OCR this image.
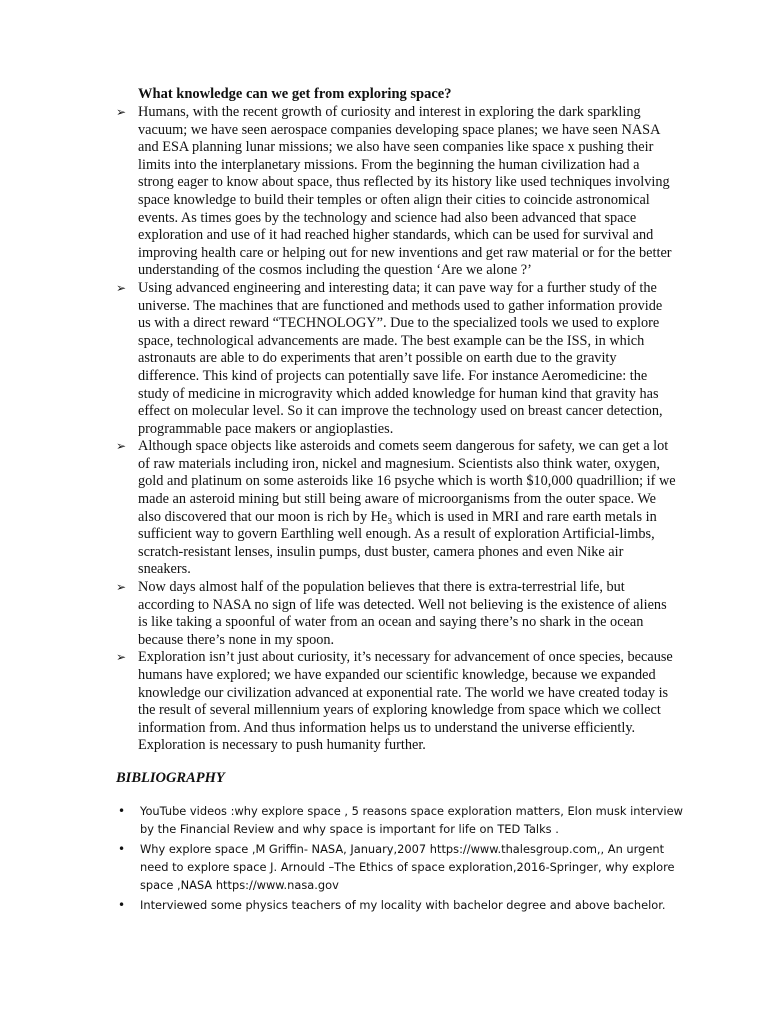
What knowledge can we get from exploring space?
➢ Humans, with the recent growth of curiosity and interest in exploring the dark sparkling vacuum; we have seen aerospace companies developing space planes; we have seen NASA and ESA planning lunar missions; we also have seen companies like space x pushing their limits into the interplanetary missions. From the beginning the human civilization had a strong eager to know about space, thus reflected by its history like used techniques involving space knowledge to build their temples or often align their cities to coincide astronomical events. As times goes by the technology and science had also been advanced that space exploration and use of it had reached higher standards, which can be used for survival and improving health care or helping out for new inventions and get raw material or for the better understanding of the cosmos including the question ‘Are we alone ?’

➢ Using advanced engineering and interesting data; it can pave way for a further study of the universe. The machines that are functioned and methods used to gather information provide us with a direct reward “TECHNOLOGY”. Due to the specialized tools we used to explore space, technological advancements are made. The best example can be the ISS, in which astronauts are able to do experiments that aren’t possible on earth due to the gravity difference. This kind of projects can potentially save life. For instance Aeromedicine: the study of medicine in microgravity which added knowledge for human kind that gravity has effect on molecular level. So it can improve the technology used on breast cancer detection, programmable pace makers or angioplasties.

➢ Although space objects like asteroids and comets seem dangerous for safety, we can get a lot of raw materials including iron, nickel and magnesium. Scientists also think water, oxygen, gold and platinum on some asteroids like 16 psyche which is worth $10,000 quadrillion; if we made an asteroid mining but still being aware of microorganisms from the outer space. We also discovered that our moon is rich by He₃ which is used in MRI and rare earth metals in sufficient way to govern Earthling well enough. As a result of exploration Artificial-limbs, scratch-resistant lenses, insulin pumps, dust buster, camera phones and even Nike air sneakers.

➢ Now days almost half of the population believes that there is extra-terrestrial life, but according to NASA no sign of life was detected. Well not believing is the existence of aliens is like taking a spoonful of water from an ocean and saying there’s no shark in the ocean because there’s none in my spoon.

➢ Exploration isn’t just about curiosity, it’s necessary for advancement of once species, because humans have explored; we have expanded our scientific knowledge, because we expanded knowledge our civilization advanced at exponential rate. The world we have created today is the result of several millennium years of exploring knowledge from space which we collect information from. And thus information helps us to understand the universe efficiently. Exploration is necessary to push humanity further.

BIBLIOGRAPHY
• YouTube videos :why explore space , 5 reasons space exploration matters, Elon musk interview by the Financial Review and why space is important for life on TED Talks .

• Why explore space ,M Griffin- NASA, January,2007 https://www.thalesgroup.com,, An urgent need to explore space J. Arnould –The Ethics of space exploration,2016-Springer, why explore space ,NASA https://www.nasa.gov

• Interviewed some physics teachers of my locality with bachelor degree and above bachelor.
